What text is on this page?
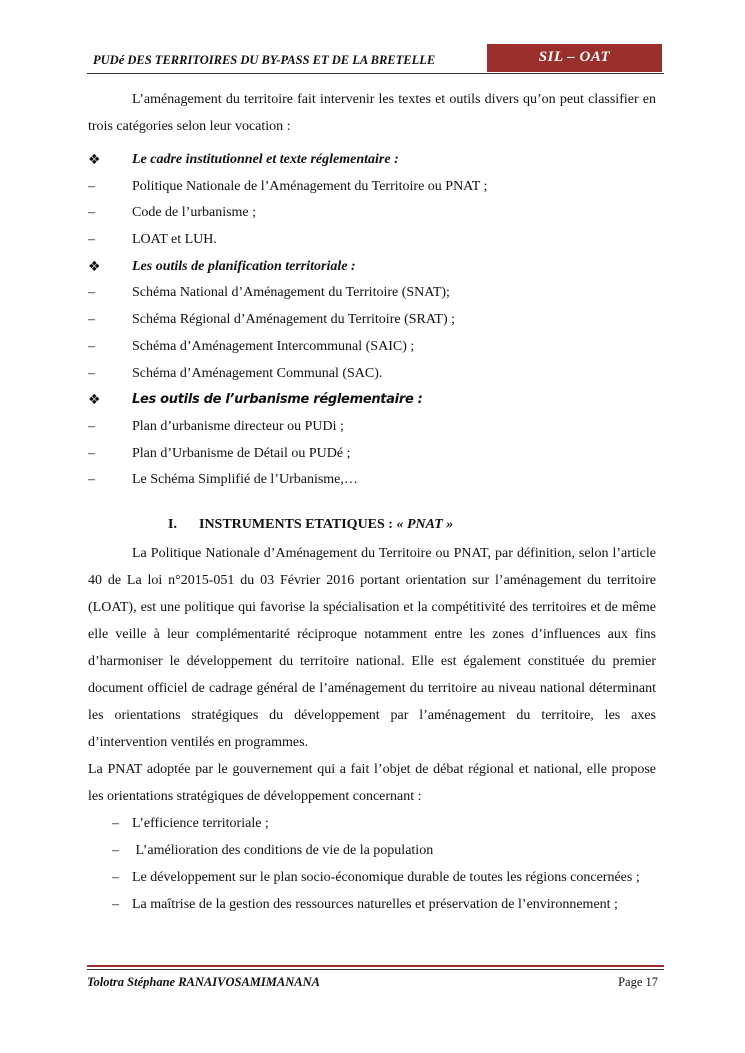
PUDé DES TERRITOIRES DU BY-PASS ET DE LA BRETELLE	SIL – OAT

L’aménagement du territoire fait intervenir les textes et outils divers qu’on peut classifier en trois catégories selon leur vocation :

❖ Le cadre institutionnel et texte réglementaire :
–	Politique Nationale de l’Aménagement du Territoire ou PNAT ;
–	Code de l’urbanisme ;
–	LOAT et LUH.
❖ Les outils de planification territoriale :
–	Schéma National d’Aménagement du Territoire (SNAT);
–	Schéma Régional d’Aménagement du Territoire (SRAT) ;
–	Schéma d’Aménagement Intercommunal (SAIC) ;
–	Schéma d’Aménagement Communal (SAC).
❖ Les outils de l’urbanisme réglementaire :
–	Plan d’urbanisme directeur ou PUDi ;
–	Plan d’Urbanisme de Détail ou PUDé ;
–	Le Schéma Simplifié de l’Urbanisme,…
I. INSTRUMENTS ETATIQUES : « PNAT »

La Politique Nationale d’Aménagement du Territoire ou PNAT, par définition, selon l’article 40 de La loi n°2015-051 du 03 Février 2016 portant orientation sur l’aménagement du territoire (LOAT), est une politique qui favorise la spécialisation et la compétitivité des territoires et de même elle veille à leur complémentarité réciproque notamment entre les zones d’influences aux fins d’harmoniser le développement du territoire national. Elle est également constituée du premier document officiel de cadrage général de l’aménagement du territoire au niveau national déterminant les orientations stratégiques du développement par l’aménagement du territoire, les axes d’intervention ventilés en programmes.

La PNAT adoptée par le gouvernement qui a fait l’objet de débat régional et national, elle propose les orientations stratégiques de développement concernant :

– L’efficience territoriale ;
– L’amélioration des conditions de vie de la population
– Le développement sur le plan socio-économique durable de toutes les régions concernées ;
– La maîtrise de la gestion des ressources naturelles et préservation de l’environnement ;
Tolotra Stéphane RANAIVOSAMIMANANA	Page 17
